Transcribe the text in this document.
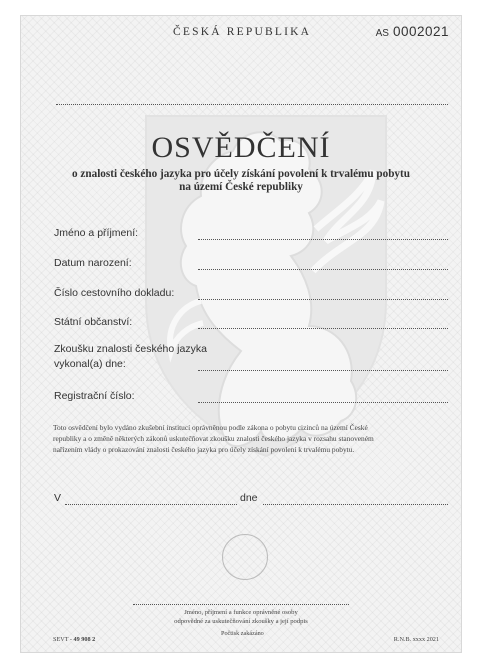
ČESKÁ REPUBLIKA	AS 0002021
OSVĚDČENÍ
o znalosti českého jazyka pro účely získání povolení k trvalému pobytu
na území České republiky
Jméno a příjmení:
Datum narození:
Číslo cestovního dokladu:
Státní občanství:
Zkoušku znalosti českého jazyka
vykonal(a) dne:
Registrační číslo:
Toto osvědčení bylo vydáno zkušební institucí oprávněnou podle zákona o pobytu cizinců na území České
republiky a o změně některých zákonů uskutečňovat zkoušku znalosti českého jazyka v rozsahu stanoveném
nařízením vlády o prokazování znalosti českého jazyka pro účely získání povolení k trvalému pobytu.
V	dne
Jméno, příjmení a funkce oprávněné osoby
odpovědné za uskutečňování zkoušky a její podpis
SEVT - 49 908 2
Počtisk zakázáno
R.N.B. xxxx 2021
